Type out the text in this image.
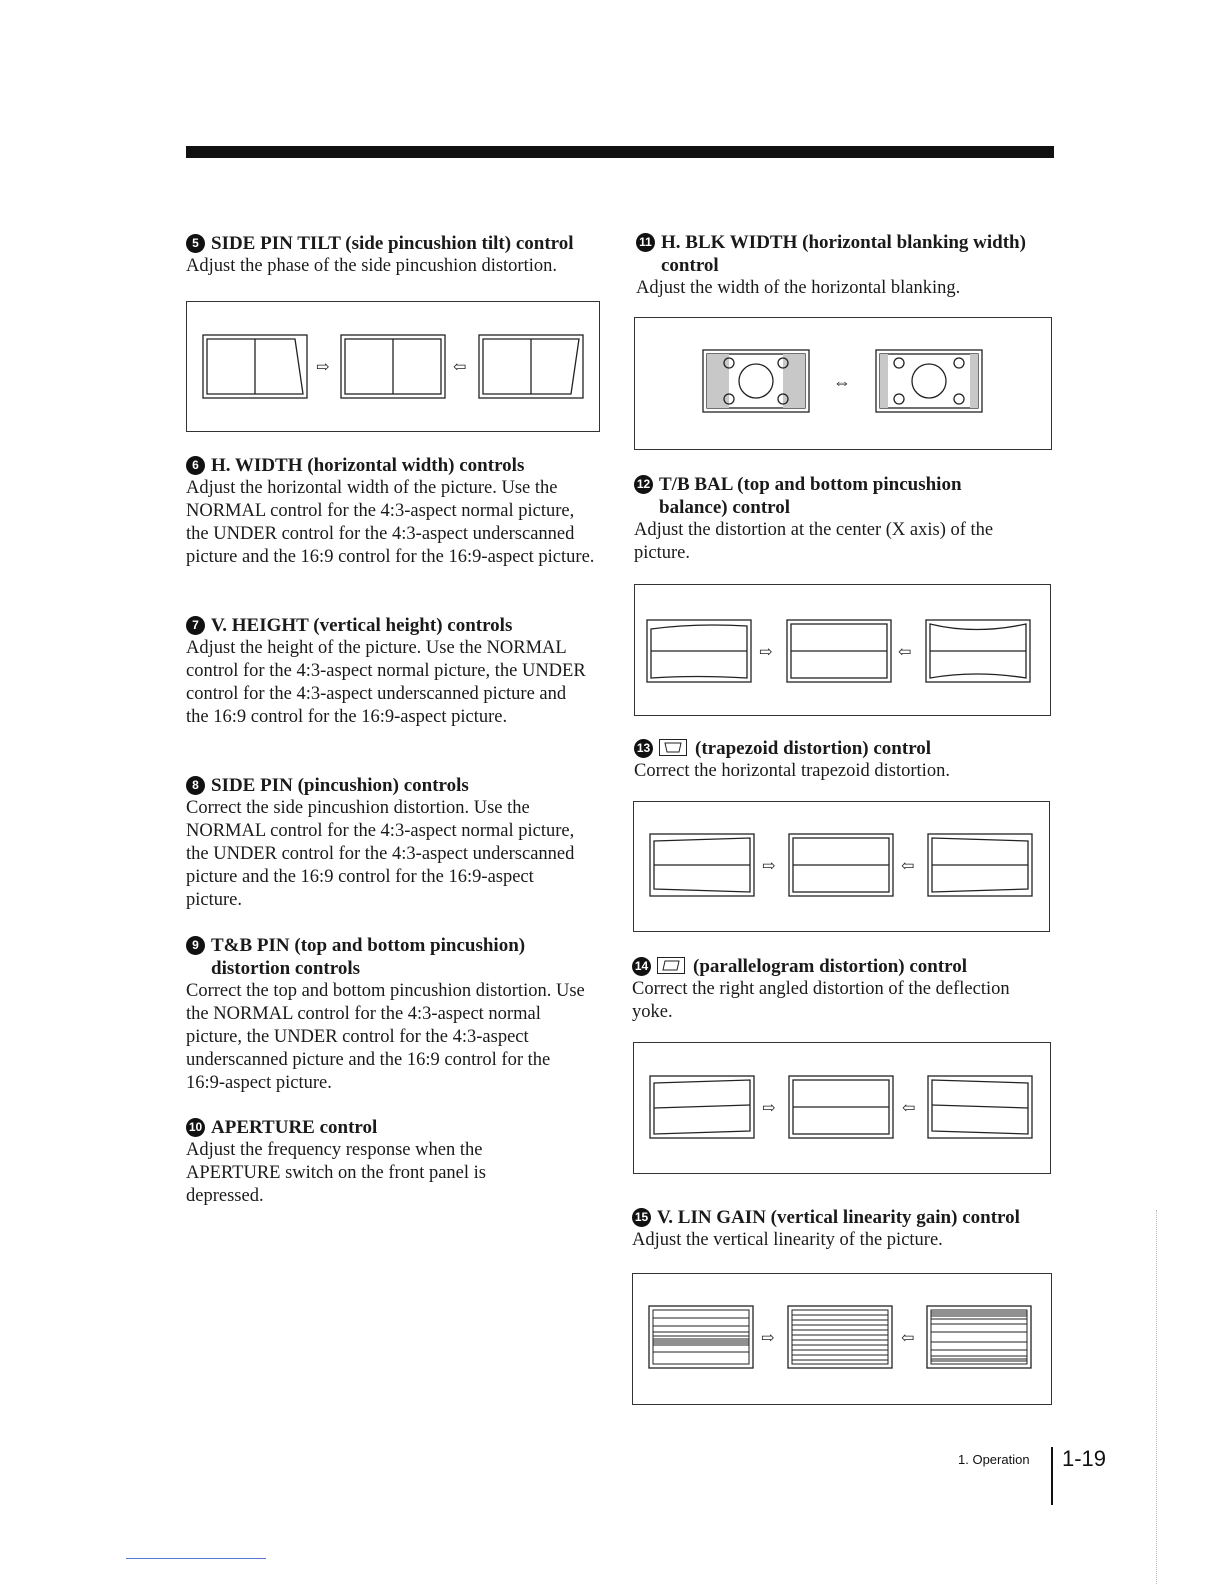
5 SIDE PIN TILT (side pincushion tilt) control
Adjust the phase of the side pincushion distortion.
⇨	⇦
6 H. WIDTH (horizontal width) controls
Adjust the horizontal width of the picture. Use the NORMAL control for the 4:3-aspect normal picture, the UNDER control for the 4:3-aspect underscanned picture and the 16:9 control for the 16:9-aspect picture.
7 V. HEIGHT (vertical height) controls
Adjust the height of the picture. Use the NORMAL control for the 4:3-aspect normal picture, the UNDER control for the 4:3-aspect underscanned picture and the 16:9 control for the 16:9-aspect picture.
8 SIDE PIN (pincushion) controls
Correct the side pincushion distortion. Use the NORMAL control for the 4:3-aspect normal picture, the UNDER control for the 4:3-aspect underscanned picture and the 16:9 control for the 16:9-aspect picture.
9 T&B PIN (top and bottom pincushion)
distortion controls
Correct the top and bottom pincushion distortion. Use the NORMAL control for the 4:3-aspect normal picture, the UNDER control for the 4:3-aspect underscanned picture and the 16:9 control for the 16:9-aspect picture.
10 APERTURE control
Adjust the frequency response when the APERTURE switch on the front panel is depressed.
11 H. BLK WIDTH (horizontal blanking width)
control
Adjust the width of the horizontal blanking.
⇔
12 T/B BAL (top and bottom pincushion
balance) control
Adjust the distortion at the center (X axis) of the picture.
⇨	⇦
13 (trapezoid distortion) control
Correct the horizontal trapezoid distortion.
⇨	⇦
14 (parallelogram distortion) control
Correct the right angled distortion of the deflection yoke.
⇨	⇦
15 V. LIN GAIN (vertical linearity gain) control
Adjust the vertical linearity of the picture.
⇨	⇦
1. Operation 1-19
